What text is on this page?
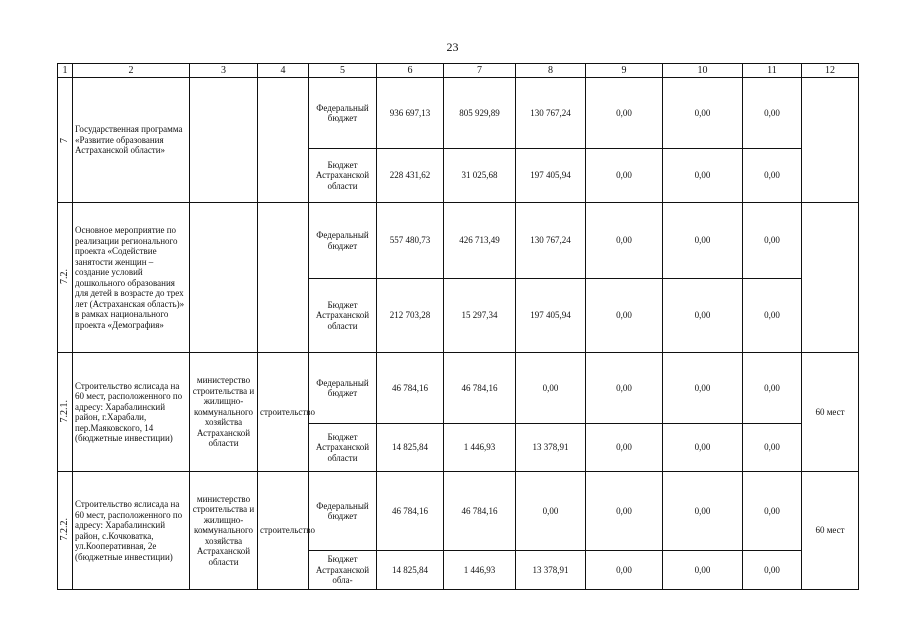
23
1	2	3	4	5	6	7	8	9	10	11	12
7	Государственная программа «Развитие образования Астраханской области»			Федеральный бюджет	936 697,13	805 929,89	130 767,24	0,00	0,00	0,00	
				Бюджет Астраханской области	228 431,62	31 025,68	197 405,94	0,00	0,00	0,00	
7.2.	Основное мероприятие по реализации регионального проекта «Содействие занятости женщин – создание условий дошкольного образования для детей в возрасте до трех лет (Астраханская область)» в рамках национального проекта «Демография»			Федеральный бюджет	557 480,73	426 713,49	130 767,24	0,00	0,00	0,00	
				Бюджет Астраханской области	212 703,28	15 297,34	197 405,94	0,00	0,00	0,00	
7.2.1.	Строительство яслисада на 60 мест, расположенного по адресу: Харабалинский район, г.Харабали, пер.Маяковского, 14 (бюджетные инвестиции)	министерство строительства и жилищно-коммунального хозяйства Астраханской области	строительство	Федеральный бюджет	46 784,16	46 784,16	0,00	0,00	0,00	0,00	60 мест
				Бюджет Астраханской области	14 825,84	1 446,93	13 378,91	0,00	0,00	0,00	
7.2.2.	Строительство яслисада на 60 мест, расположенного по адресу: Харабалинский район, с.Кочковатка, ул.Кооперативная, 2е (бюджетные инвестиции)	министерство строительства и жилищно-коммунального хозяйства Астраханской области	строительство	Федеральный бюджет	46 784,16	46 784,16	0,00	0,00	0,00	0,00	60 мест
				Бюджет Астраханской обла-	14 825,84	1 446,93	13 378,91	0,00	0,00	0,00	
